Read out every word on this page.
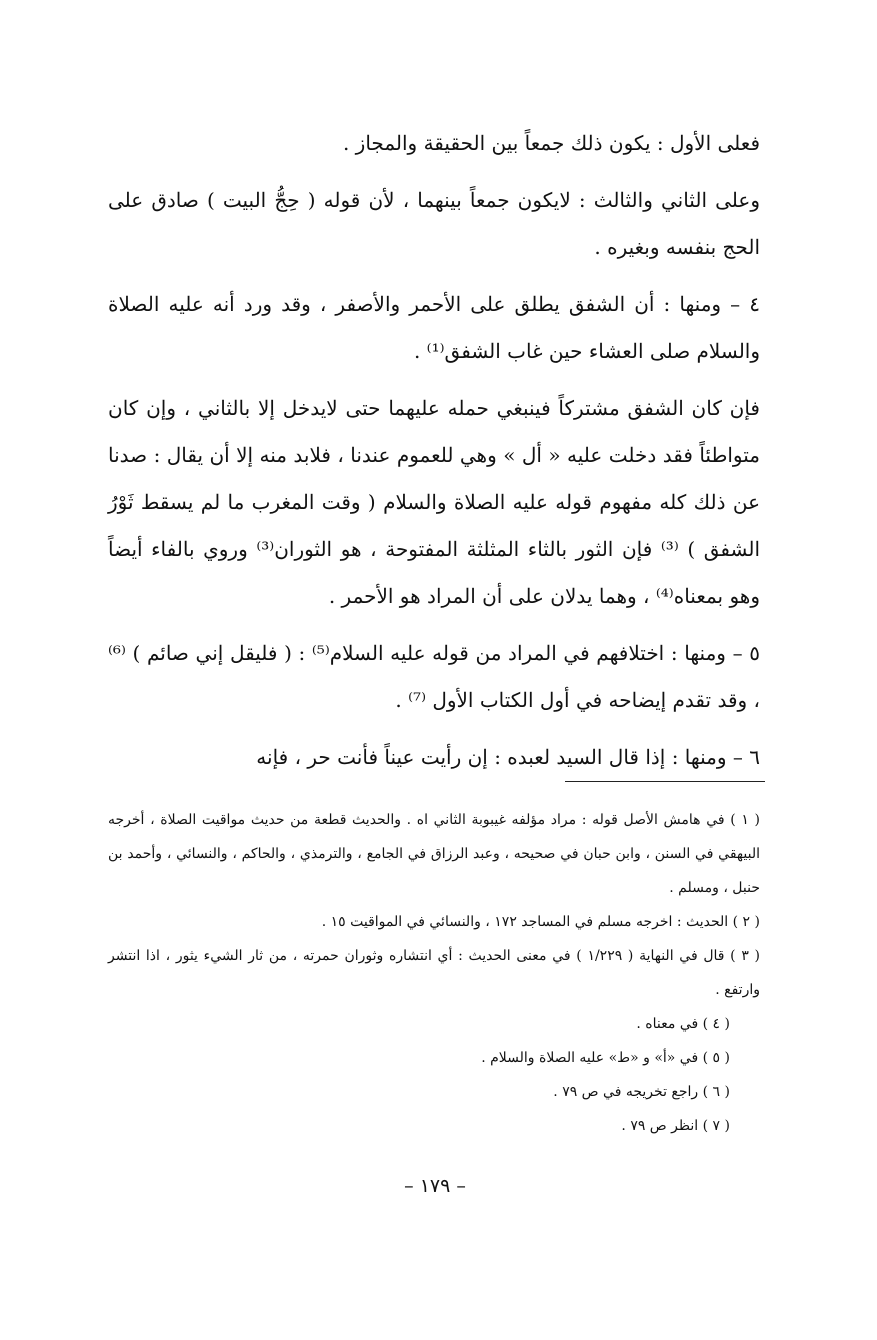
فعلى الأول : يكون ذلك جمعاً بين الحقيقة والمجاز .

وعلى الثاني والثالث : لايكون جمعاً بينهما ، لأن قوله ( حِجُّ البيت ) صادق على الحج بنفسه وبغيره .

٤ – ومنها : أن الشفق يطلق على الأحمر والأصفر ، وقد ورد أنه عليه الصلاة والسلام صلى العشاء حين غاب الشفق⁽¹⁾ .

فإن كان الشفق مشتركاً فينبغي حمله عليهما حتى لايدخل إلا بالثاني ، وإن كان متواطئاً فقد دخلت عليه « أل » وهي للعموم عندنا ، فلابد منه إلا أن يقال : صدنا عن ذلك كله مفهوم قوله عليه الصلاة والسلام ( وقت المغرب ما لم يسقط ثَوْرُ الشفق ) ⁽³⁾ فإن الثور بالثاء المثلثة المفتوحة ، هو الثوران⁽³⁾ وروي بالفاء أيضاً وهو بمعناه⁽⁴⁾ ، وهما يدلان على أن المراد هو الأحمر .

٥ – ومنها : اختلافهم في المراد من قوله عليه السلام⁽⁵⁾ : ( فليقل إني صائم ) ⁽⁶⁾ ، وقد تقدم إيضاحه في أول الكتاب الأول ⁽⁷⁾ .

٦ – ومنها : إذا قال السيد لعبده : إن رأيت عيناً فأنت حر ، فإنه

( ١ ) في هامش الأصل قوله : مراد مؤلفه غيبوبة الثاني اه . والحديث قطعة من حديث مواقيت الصلاة ، أخرجه البيهقي في السنن ، وابن حبان في صحيحه ، وعبد الرزاق في الجامع ، والترمذي ، والحاكم ، والنسائي ، وأحمد بن حنبل ، ومسلم .

( ٢ ) الحديث : اخرجه مسلم في المساجد ١٧٢ ، والنسائي في المواقيت ١٥ .

( ٣ ) قال في النهاية ( ١/٢٢٩ ) في معنى الحديث : أي انتشاره وثوران حمرته ، من ثار الشيء يثور ، اذا انتشر وارتفع .

( ٤ ) في معناه .

( ٥ ) في «أ» و «ط» عليه الصلاة والسلام .

( ٦ ) راجع تخريجه في ص ٧٩ .

( ٧ ) انظر ص ٧٩ .

– ١٧٩ –
